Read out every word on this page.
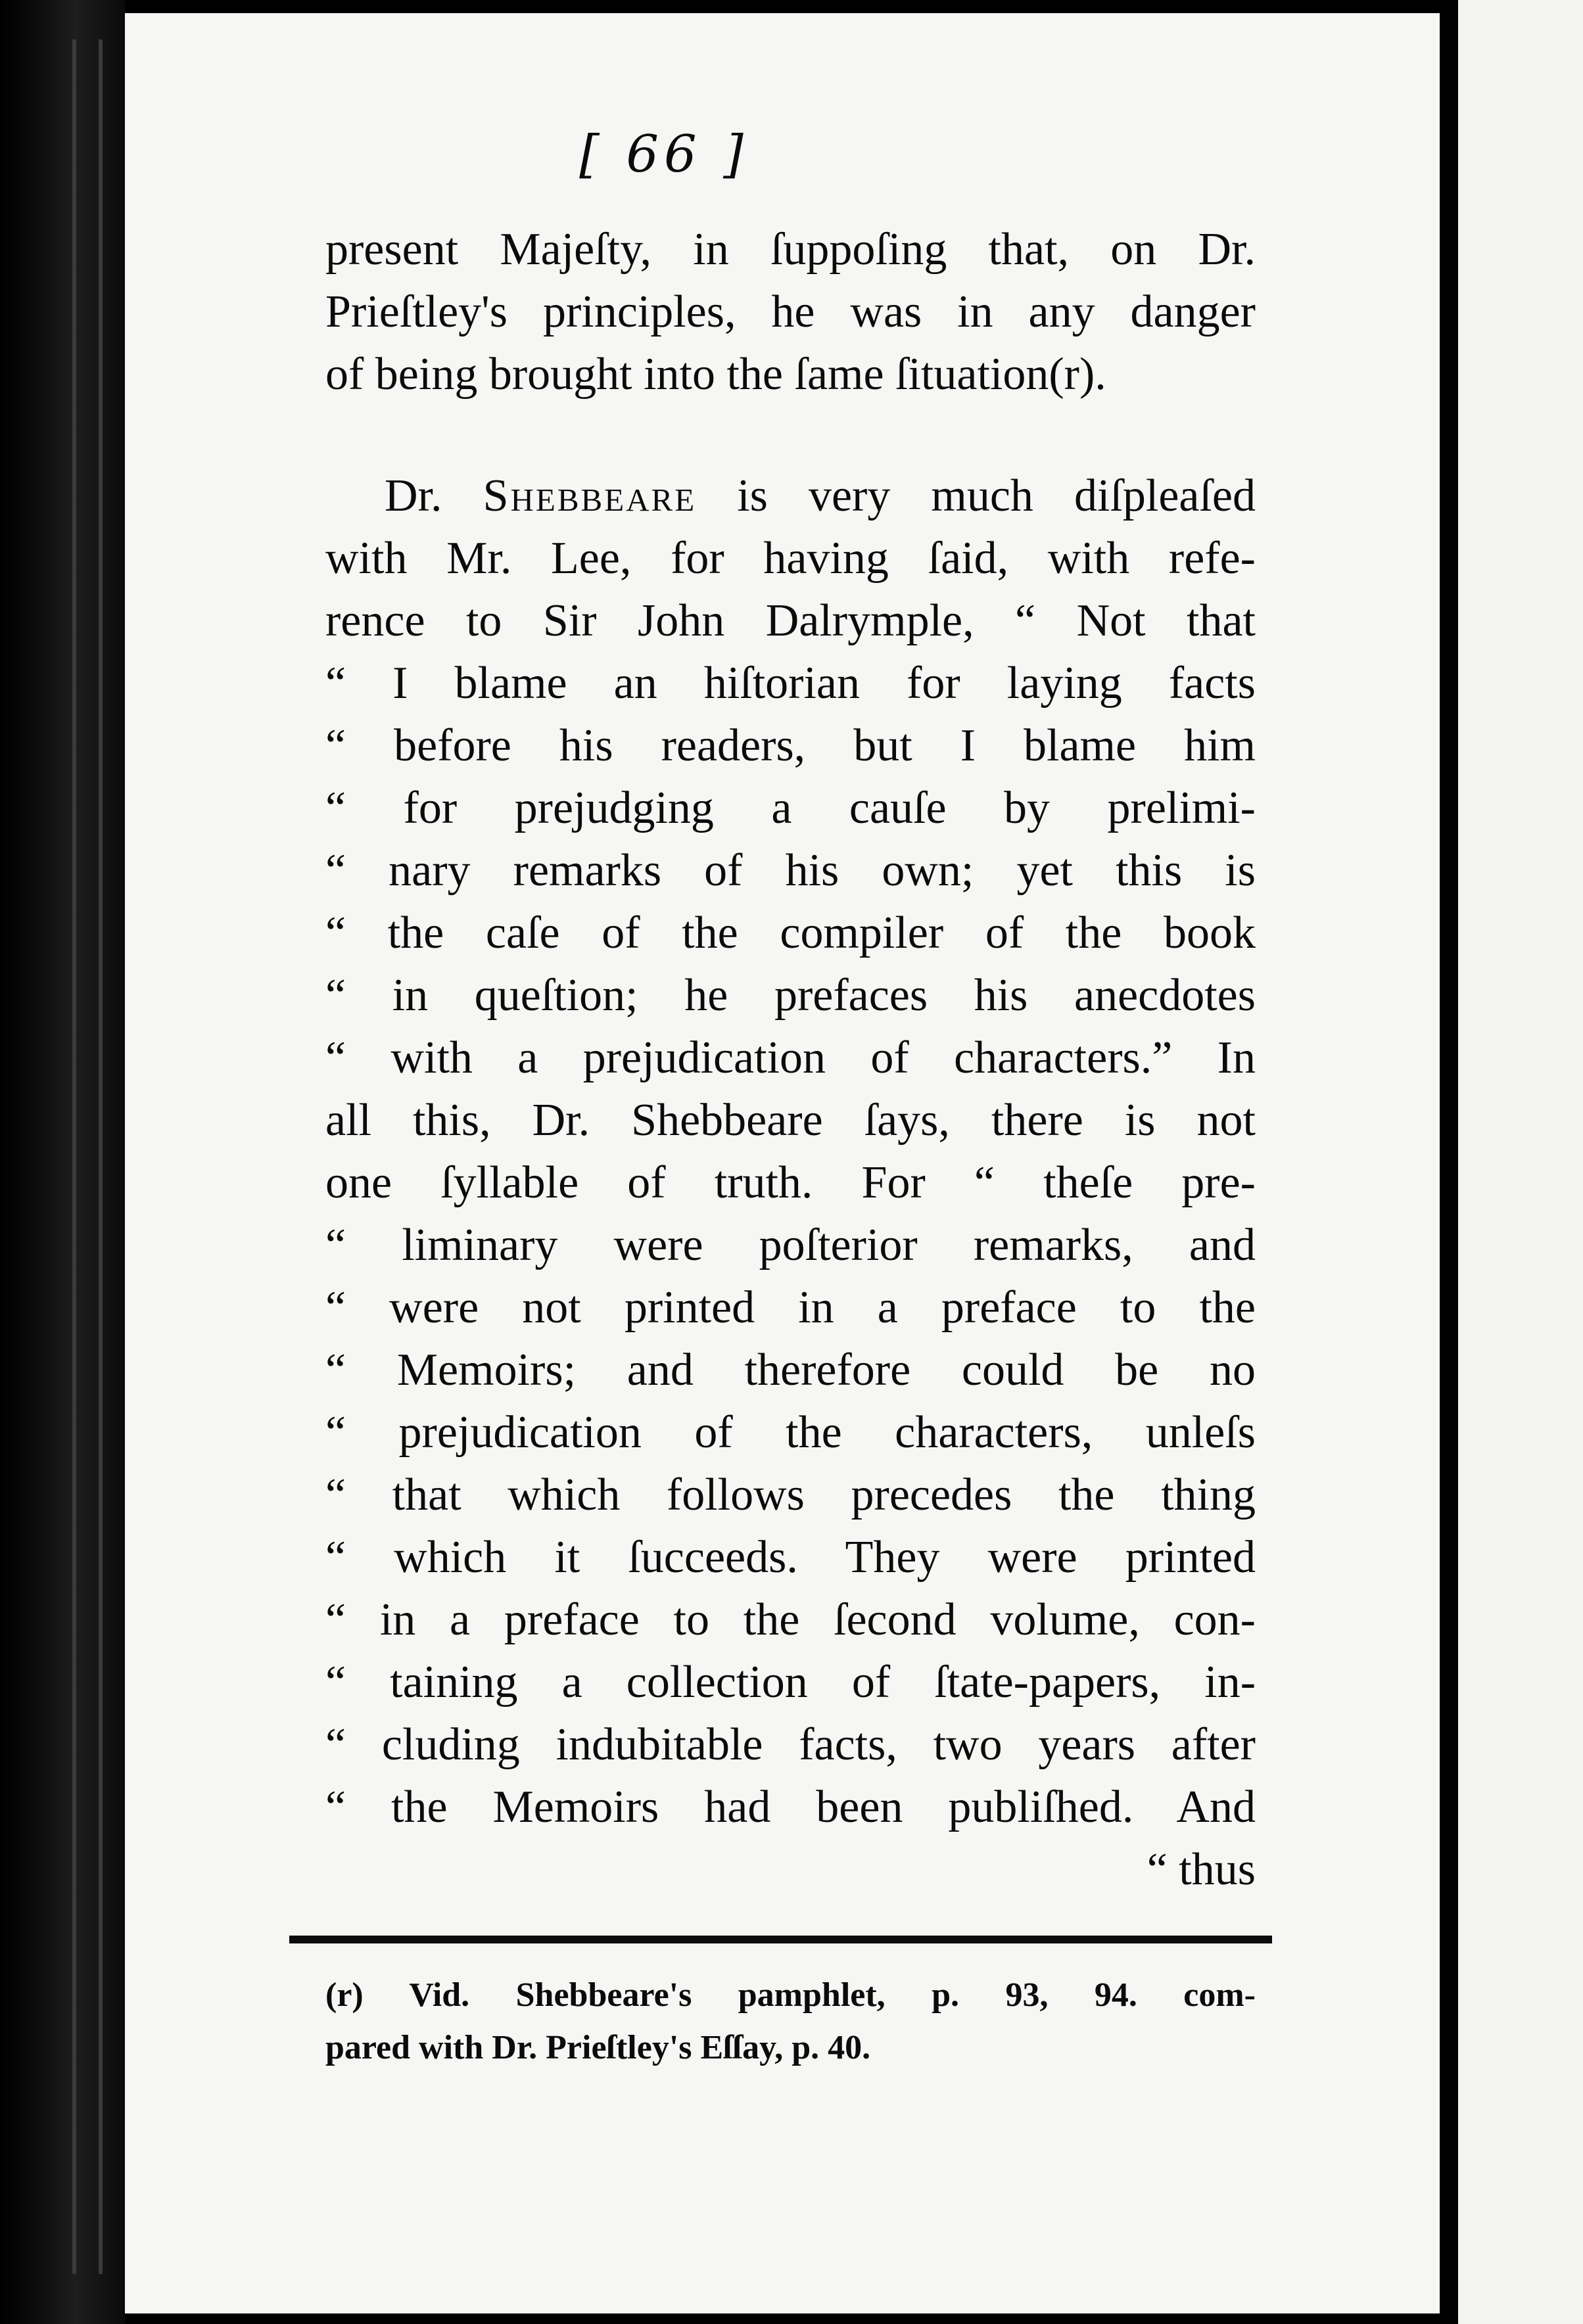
[ 66 ]
present Majeſty, in ſuppoſing that, on Dr.
Prieſtley's principles, he was in any danger
of being brought into the ſame ſituation(r).
Dr. Shebbeare is very much diſpleaſed
with Mr. Lee, for having ſaid, with refe-
rence to Sir John Dalrymple, “ Not that
“ I blame an hiſtorian for laying facts
“ before his readers, but I blame him
“ for prejudging a cauſe by prelimi-
“ nary remarks of his own; yet this is
“ the caſe of the compiler of the book
“ in queſtion; he prefaces his anecdotes
“ with a prejudication of characters.” In
all this, Dr. Shebbeare ſays, there is not
one ſyllable of truth. For “ theſe pre-
“ liminary were poſterior remarks, and
“ were not printed in a preface to the
“ Memoirs; and therefore could be no
“ prejudication of the characters, unleſs
“ that which follows precedes the thing
“ which it ſucceeds. They were printed
“ in a preface to the ſecond volume, con-
“ taining a collection of ſtate-papers, in-
“ cluding indubitable facts, two years after
“ the Memoirs had been publiſhed. And
“ thus
(r) Vid. Shebbeare's pamphlet, p. 93, 94. com-
pared with Dr. Prieſtley's Eſſay, p. 40.
